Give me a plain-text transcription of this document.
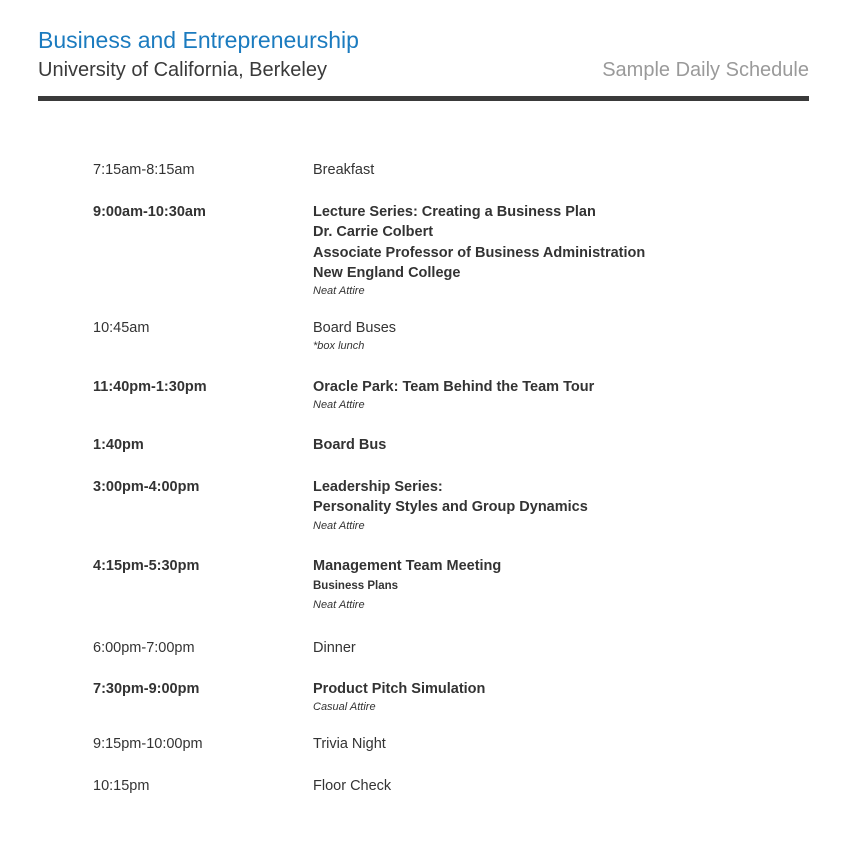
Business and Entrepreneurship
University of California, Berkeley	Sample Daily Schedule
7:15am-8:15am	Breakfast
9:00am-10:30am	Lecture Series: Creating a Business Plan
Dr. Carrie Colbert
Associate Professor of Business Administration
New England College
Neat Attire
10:45am	Board Buses
*box lunch
11:40pm-1:30pm	Oracle Park: Team Behind the Team Tour
Neat Attire
1:40pm	Board Bus
3:00pm-4:00pm	Leadership Series:
Personality Styles and Group Dynamics
Neat Attire
4:15pm-5:30pm	Management Team Meeting
Business Plans
Neat Attire
6:00pm-7:00pm	Dinner
7:30pm-9:00pm	Product Pitch Simulation
Casual Attire
9:15pm-10:00pm	Trivia Night
10:15pm	Floor Check
